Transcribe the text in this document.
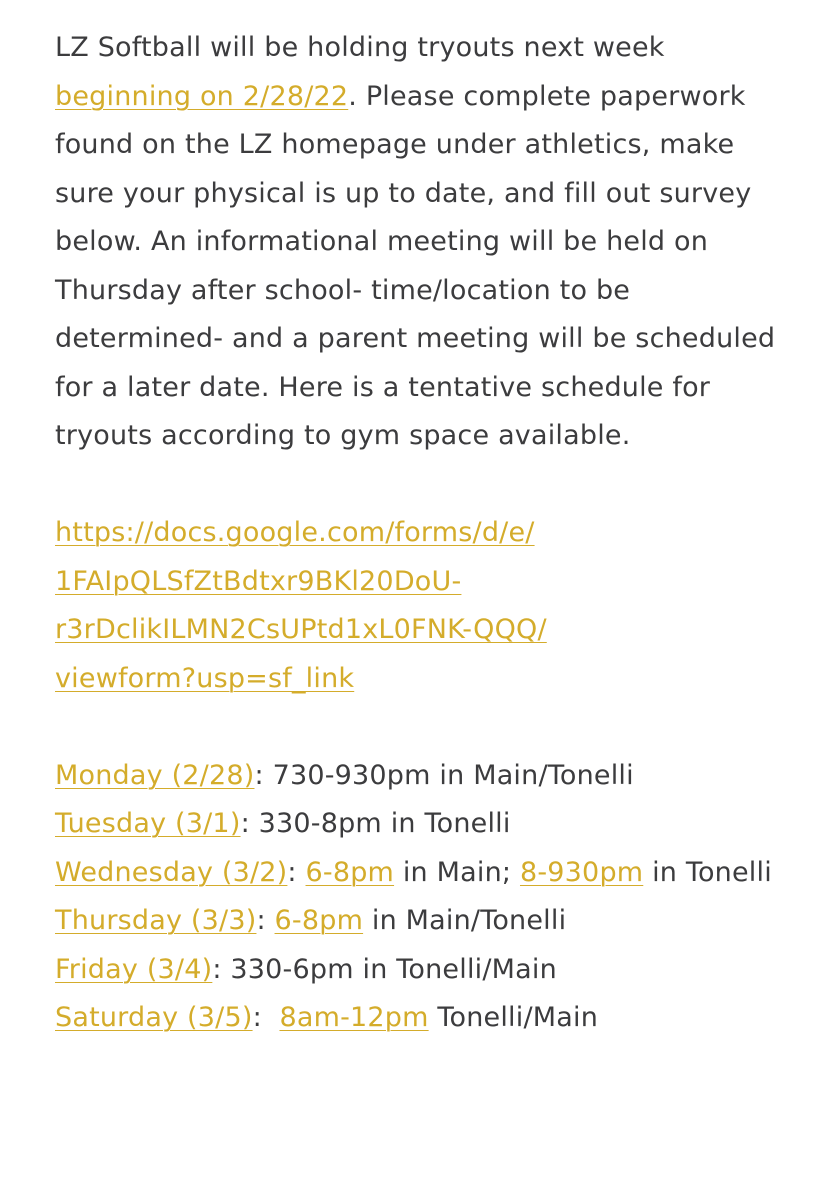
LZ Softball will be holding tryouts next week beginning on 2/28/22. Please complete paperwork found on the LZ homepage under athletics, make sure your physical is up to date, and fill out survey below. An informational meeting will be held on Thursday after school- time/location to be determined- and a parent meeting will be scheduled for a later date. Here is a tentative schedule for tryouts according to gym space available.

https://docs.google.com/forms/d/e/
1FAIpQLSfZtBdtxr9BKl20DoU-
r3rDclikILMN2CsUPtd1xL0FNK-QQQ/
viewform?usp=sf_link
Monday (2/28): 730-930pm in Main/Tonelli
Tuesday (3/1): 330-8pm in Tonelli
Wednesday (3/2): 6-8pm in Main; 8-930pm in Tonelli
Thursday (3/3): 6-8pm in Main/Tonelli
Friday (3/4): 330-6pm in Tonelli/Main
Saturday (3/5):  8am-12pm Tonelli/Main
